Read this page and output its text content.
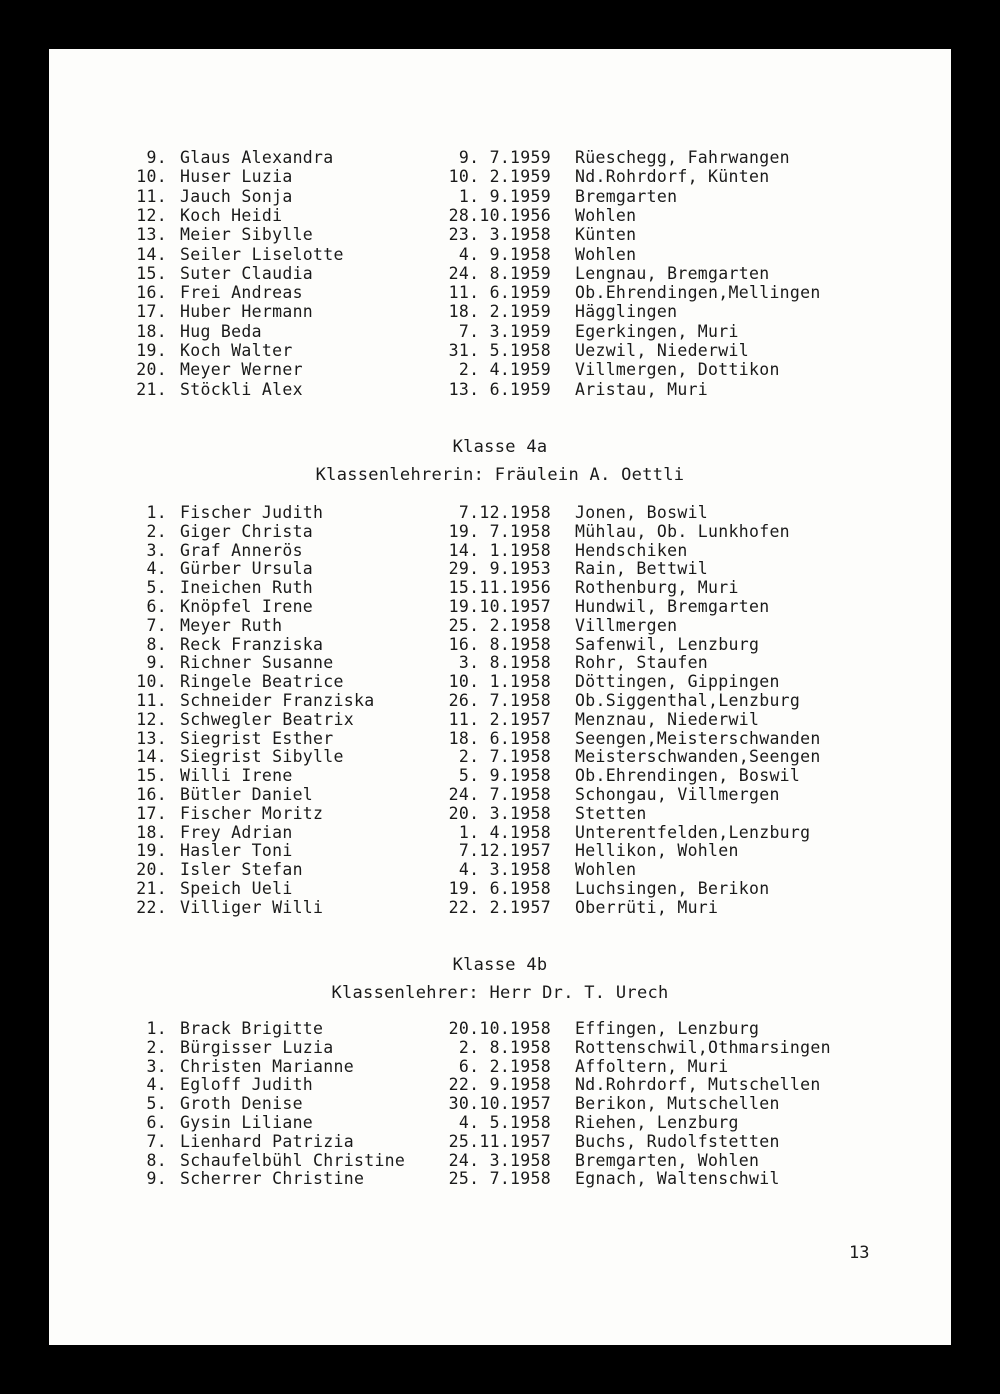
9. Glaus Alexandra	9. 7.1959 Rüeschegg, Fahrwangen
10. Huser Luzia	10. 2.1959 Nd.Rohrdorf, Künten
11. Jauch Sonja	1. 9.1959 Bremgarten
12. Koch Heidi	28.10.1956 Wohlen
13. Meier Sibylle	23. 3.1958 Künten
14. Seiler Liselotte	4. 9.1958 Wohlen
15. Suter Claudia	24. 8.1959 Lengnau, Bremgarten
16. Frei Andreas	11. 6.1959 Ob.Ehrendingen,Mellingen
17. Huber Hermann	18. 2.1959 Hägglingen
18. Hug Beda	7. 3.1959 Egerkingen, Muri
19. Koch Walter	31. 5.1958 Uezwil, Niederwil
20. Meyer Werner	2. 4.1959 Villmergen, Dottikon
21. Stöckli Alex	13. 6.1959 Aristau, Muri
Klasse 4a
Klassenlehrerin: Fräulein A. Oettli
1. Fischer Judith	7.12.1958 Jonen, Boswil
2. Giger Christa	19. 7.1958 Mühlau, Ob. Lunkhofen
3. Graf Annerös	14. 1.1958 Hendschiken
4. Gürber Ursula	29. 9.1953 Rain, Bettwil
5. Ineichen Ruth	15.11.1956 Rothenburg, Muri
6. Knöpfel Irene	19.10.1957 Hundwil, Bremgarten
7. Meyer Ruth	25. 2.1958 Villmergen
8. Reck Franziska	16. 8.1958 Safenwil, Lenzburg
9. Richner Susanne	3. 8.1958 Rohr, Staufen
10. Ringele Beatrice	10. 1.1958 Döttingen, Gippingen
11. Schneider Franziska	26. 7.1958 Ob.Siggenthal,Lenzburg
12. Schwegler Beatrix	11. 2.1957 Menznau, Niederwil
13. Siegrist Esther	18. 6.1958 Seengen,Meisterschwanden
14. Siegrist Sibylle	2. 7.1958 Meisterschwanden,Seengen
15. Willi Irene	5. 9.1958 Ob.Ehrendingen, Boswil
16. Bütler Daniel	24. 7.1958 Schongau, Villmergen
17. Fischer Moritz	20. 3.1958 Stetten
18. Frey Adrian	1. 4.1958 Unterentfelden,Lenzburg
19. Hasler Toni	7.12.1957 Hellikon, Wohlen
20. Isler Stefan	4. 3.1958 Wohlen
21. Speich Ueli	19. 6.1958 Luchsingen, Berikon
22. Villiger Willi	22. 2.1957 Oberrüti, Muri
Klasse 4b
Klassenlehrer: Herr Dr. T. Urech
1. Brack Brigitte	20.10.1958 Effingen, Lenzburg
2. Bürgisser Luzia	2. 8.1958 Rottenschwil,Othmarsingen
3. Christen Marianne	6. 2.1958 Affoltern, Muri
4. Egloff Judith	22. 9.1958 Nd.Rohrdorf, Mutschellen
5. Groth Denise	30.10.1957 Berikon, Mutschellen
6. Gysin Liliane	4. 5.1958 Riehen, Lenzburg
7. Lienhard Patrizia	25.11.1957 Buchs, Rudolfstetten
8. Schaufelbühl Christine	24. 3.1958 Bremgarten, Wohlen
9. Scherrer Christine	25. 7.1958 Egnach, Waltenschwil
13
